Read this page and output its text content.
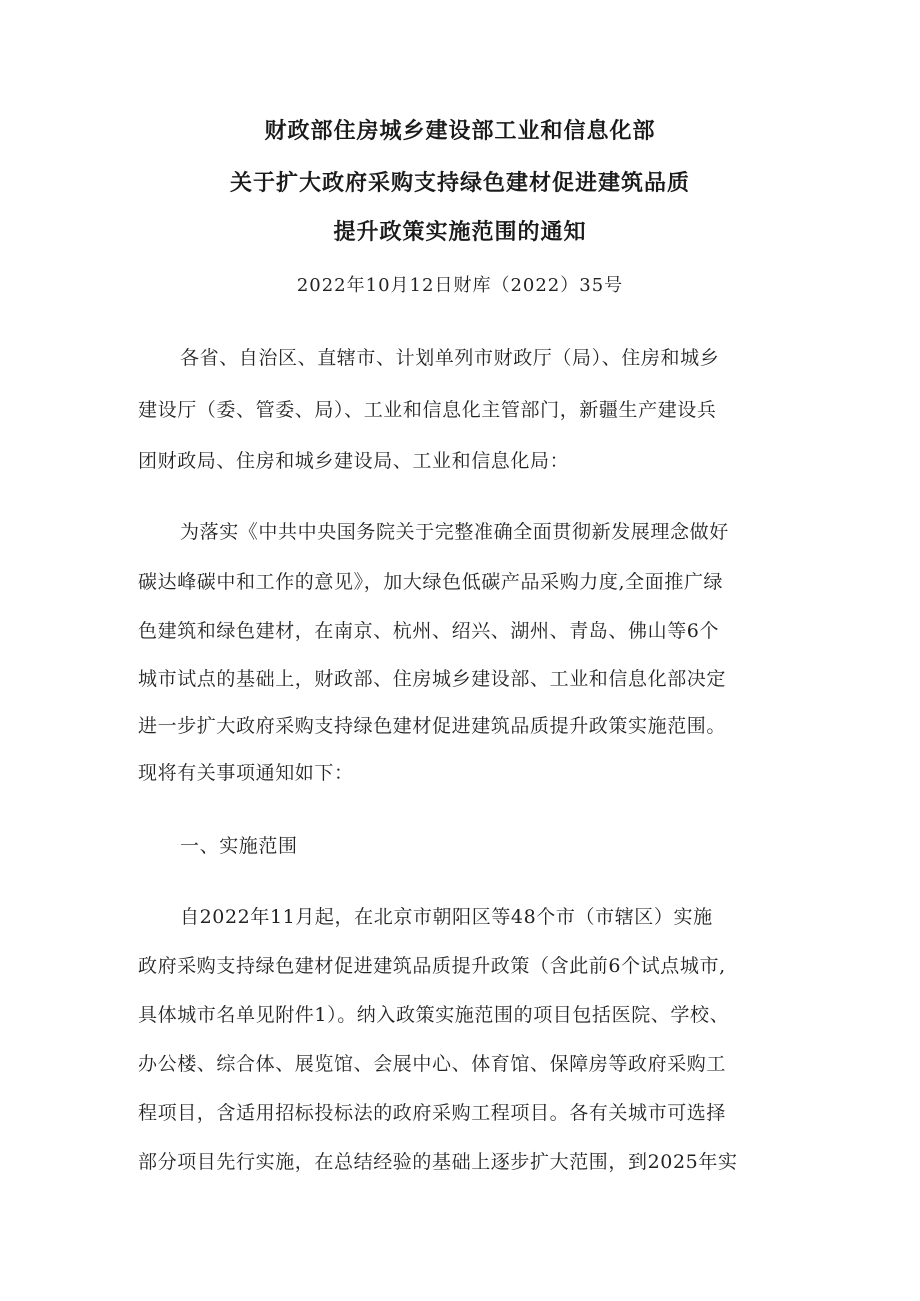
财政部住房城乡建设部工业和信息化部
关于扩大政府采购支持绿色建材促进建筑品质
提升政策实施范围的通知
2022年10月12日财库（2022）35号
各省、自治区、直辖市、计划单列市财政厅（局）、住房和城乡
建设厅（委、管委、局）、工业和信息化主管部门，新疆生产建设兵
团财政局、住房和城乡建设局、工业和信息化局：
为落实《中共中央国务院关于完整准确全面贯彻新发展理念做好
碳达峰碳中和工作的意见》，加大绿色低碳产品采购力度,全面推广绿
色建筑和绿色建材，在南京、杭州、绍兴、湖州、青岛、佛山等6个
城市试点的基础上，财政部、住房城乡建设部、工业和信息化部决定
进一步扩大政府采购支持绿色建材促进建筑品质提升政策实施范围。
现将有关事项通知如下：
一、实施范围
自2022年11月起，在北京市朝阳区等48个市（市辖区）实施
政府采购支持绿色建材促进建筑品质提升政策（含此前6个试点城市,
具体城市名单见附件1）。纳入政策实施范围的项目包括医院、学校、
办公楼、综合体、展览馆、会展中心、体育馆、保障房等政府采购工
程项目，含适用招标投标法的政府采购工程项目。各有关城市可选择
部分项目先行实施，在总结经验的基础上逐步扩大范围，到2025年实
